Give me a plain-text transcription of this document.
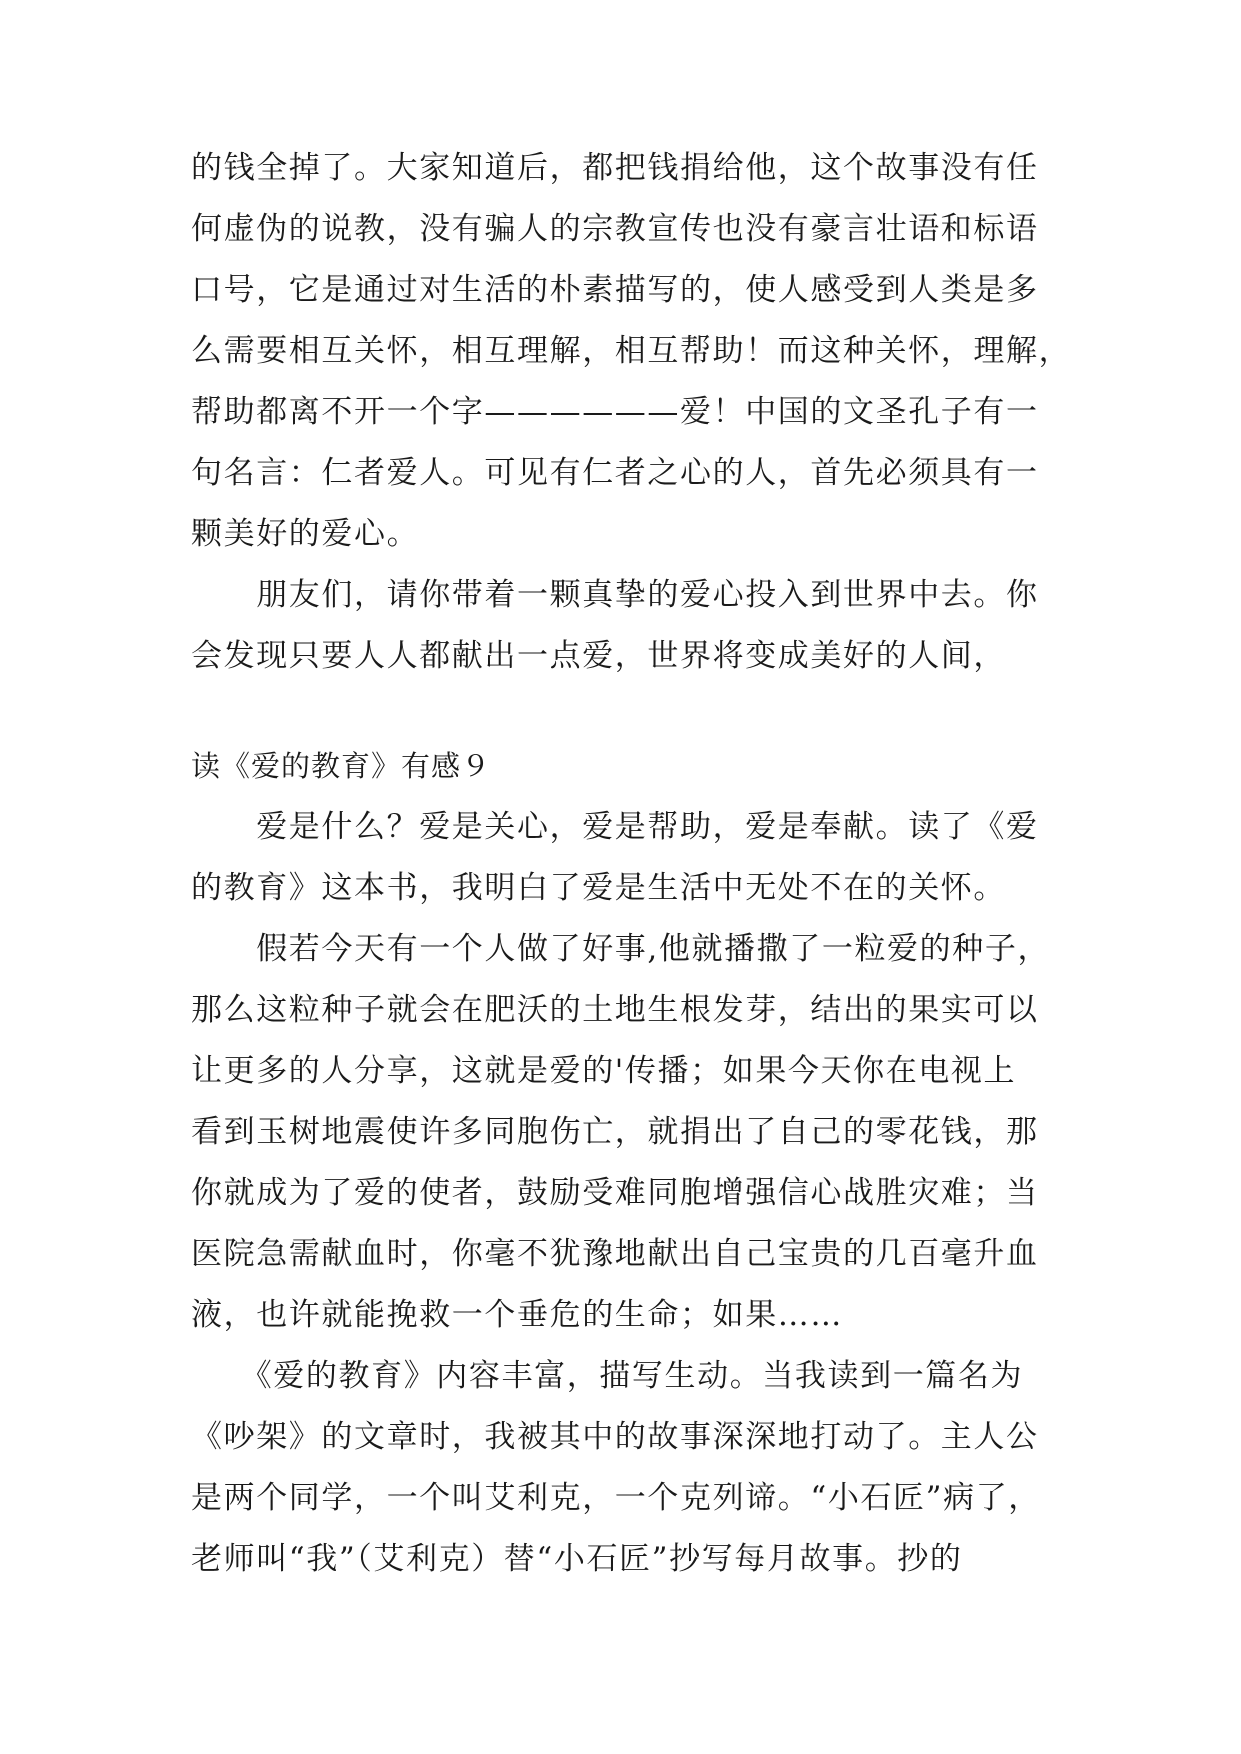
的钱全掉了。大家知道后，都把钱捐给他，这个故事没有任
何虚伪的说教，没有骗人的宗教宣传也没有豪言壮语和标语
口号，它是通过对生活的朴素描写的，使人感受到人类是多
么需要相互关怀，相互理解，相互帮助！而这种关怀，理解，
帮助都离不开一个字——————爱！中国的文圣孔子有一
句名言：仁者爱人。可见有仁者之心的人，首先必须具有一
颗美好的爱心。
　　朋友们，请你带着一颗真挚的爱心投入到世界中去。你
会发现只要人人都献出一点爱，世界将变成美好的人间，
读《爱的教育》有感９
　　爱是什么？爱是关心，爱是帮助，爱是奉献。读了《爱
的教育》这本书，我明白了爱是生活中无处不在的关怀。
　　假若今天有一个人做了好事,他就播撒了一粒爱的种子，
那么这粒种子就会在肥沃的土地生根发芽，结出的果实可以
让更多的人分享，这就是爱的'传播；如果今天你在电视上
看到玉树地震使许多同胞伤亡，就捐出了自己的零花钱，那
你就成为了爱的使者，鼓励受难同胞增强信心战胜灾难；当
医院急需献血时，你毫不犹豫地献出自己宝贵的几百毫升血
液，也许就能挽救一个垂危的生命；如果……
　　《爱的教育》内容丰富，描写生动。当我读到一篇名为
《吵架》的文章时，我被其中的故事深深地打动了。主人公
是两个同学，一个叫艾利克，一个克列谛。“小石匠”病了，
老师叫“我”（艾利克）替“小石匠”抄写每月故事。抄的
